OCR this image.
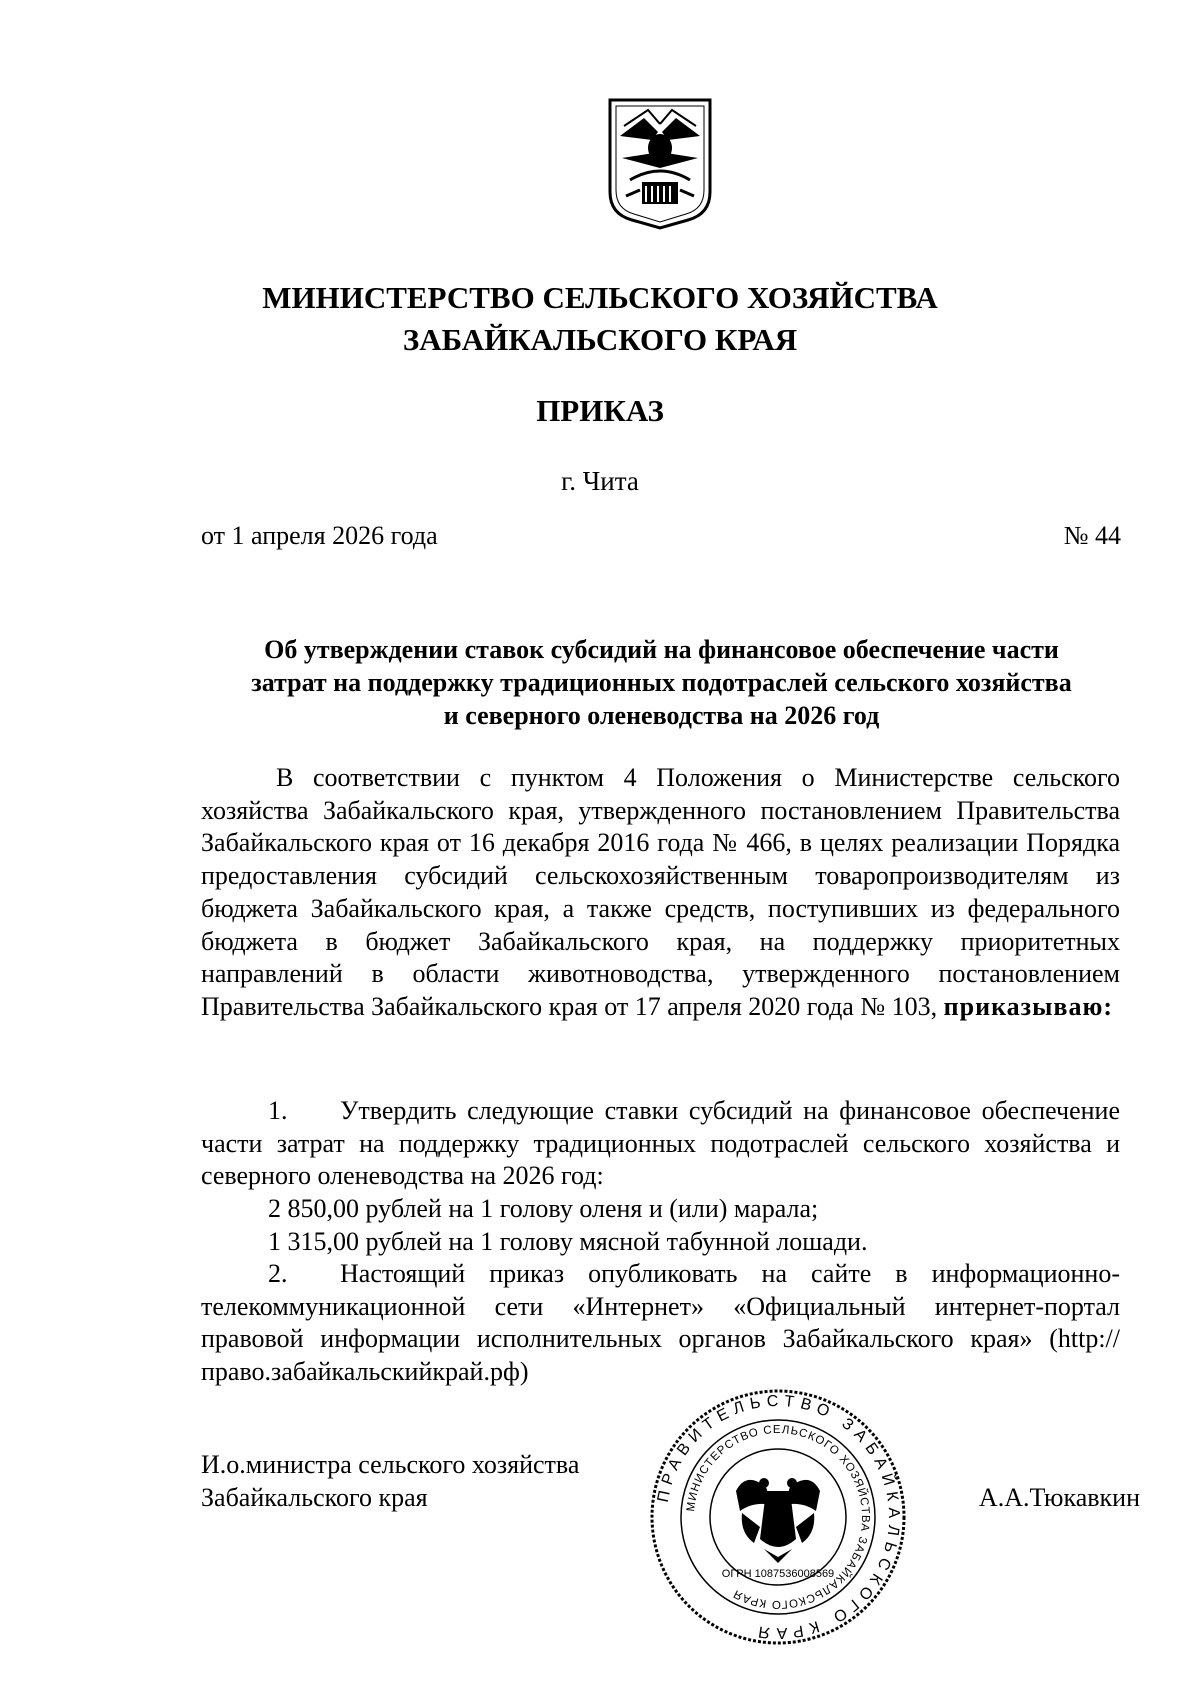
МИНИСТЕРСТВО СЕЛЬСКОГО ХОЗЯЙСТВА
ЗАБАЙКАЛЬСКОГО КРАЯ
ПРИКАЗ
г. Чита
от 1 апреля 2026 года	№ 44
Об утверждении ставок субсидий на финансовое обеспечение части
затрат на поддержку традиционных подотраслей сельского хозяйства
и северного оленеводства на 2026 год
В соответствии с пунктом 4 Положения о Министерстве сельского хозяйства Забайкальского края, утвержденного постановлением Правительства Забайкальского края от 16 декабря 2016 года № 466, в целях реализации Порядка предоставления субсидий сельскохозяйственным товаропроизводителям из бюджета Забайкальского края, а также средств, поступивших из федерального бюджета в бюджет Забайкальского края, на поддержку приоритетных направлений в области животноводства, утвержденного постановлением Правительства Забайкальского края от 17 апреля 2020 года № 103, приказываю:
1. Утвердить следующие ставки субсидий на финансовое обеспечение части затрат на поддержку традиционных подотраслей сельского хозяйства и северного оленеводства на 2026 год:
2 850,00 рублей на 1 голову оленя и (или) марала;
1 315,00 рублей на 1 голову мясной табунной лошади.
2. Настоящий приказ опубликовать на сайте в информационно-телекоммуникационной сети «Интернет» «Официальный интернет-портал правовой информации исполнительных органов Забайкальского края» (http://право.забайкальскийкрай.рф)
И.о.министра сельского хозяйства
Забайкальского края	ПРАВИТЕЛЬСТВО ЗАБАЙКАЛЬСКОГО КРАЯ
МИНИСТЕРСТВО СЕЛЬСКОГО ХОЗЯЙСТВА ЗАБАЙКАЛЬСКОГО КРАЯ
ОГРН 1087536008569
А.А.Тюкавкин
